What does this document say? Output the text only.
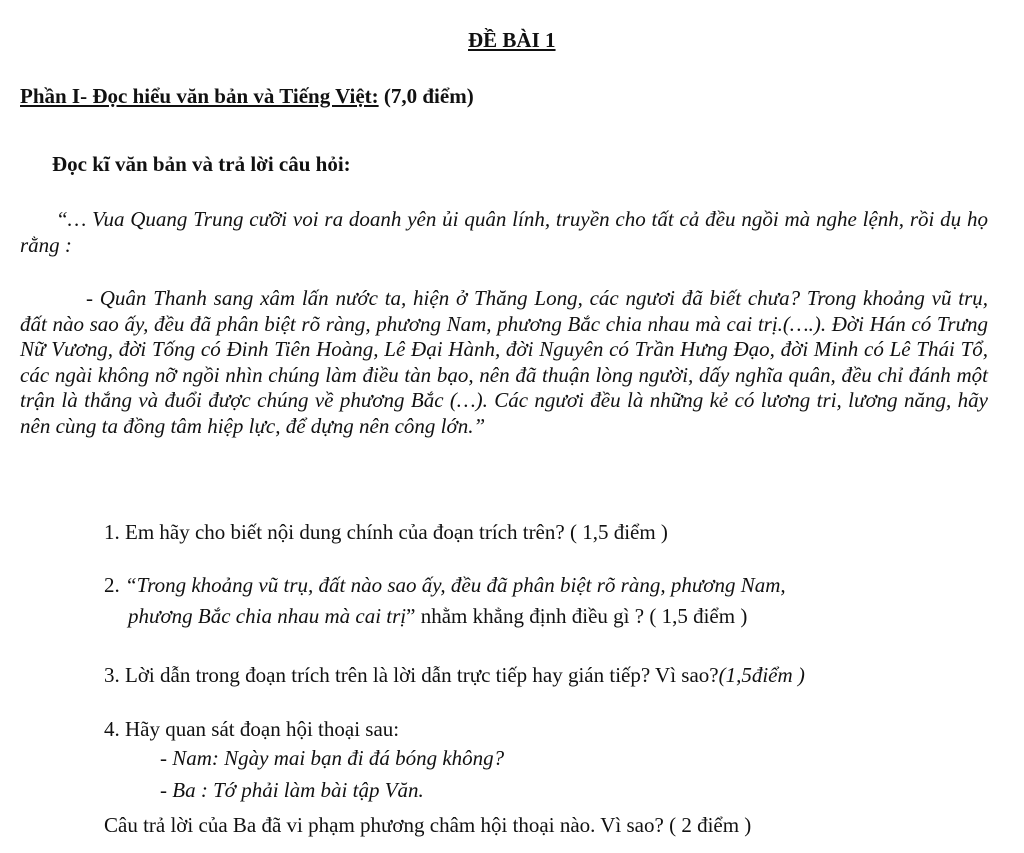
ĐỀ BÀI 1
Phần I- Đọc hiểu văn bản và Tiếng Việt: (7,0 điểm)
Đọc kĩ văn bản và trả lời câu hỏi:
“… Vua Quang Trung cưỡi voi ra doanh yên ủi quân lính, truyền cho tất cả đều ngồi mà nghe lệnh, rồi dụ họ rằng :
- Quân Thanh sang xâm lấn nước ta, hiện ở Thăng Long, các ngươi đã biết chưa? Trong khoảng vũ trụ, đất nào sao ấy, đều đã phân biệt rõ ràng, phương Nam, phương Bắc chia nhau mà cai trị.(….). Đời Hán có Trưng Nữ Vương, đời Tống có Đinh Tiên Hoàng, Lê Đại Hành, đời Nguyên có Trần Hưng Đạo, đời Minh có Lê Thái Tổ, các ngài không nỡ ngồi nhìn chúng làm điều tàn bạo, nên đã thuận lòng người, dấy nghĩa quân, đều chỉ đánh một trận là thắng và đuổi được chúng về phương Bắc (…). Các ngươi đều là những kẻ có lương tri, lương năng, hãy nên cùng ta đồng tâm hiệp lực, để dựng nên công lớn.”
1. Em hãy cho biết nội dung chính của đoạn trích trên? ( 1,5 điểm )
2. “Trong khoảng vũ trụ, đất nào sao ấy, đều đã phân biệt rõ ràng, phương Nam,
phương Bắc chia nhau mà cai trị” nhằm khẳng định điều gì ? ( 1,5 điểm )
3. Lời dẫn trong đoạn trích trên là lời dẫn trực tiếp hay gián tiếp? Vì sao?(1,5điểm )
4. Hãy quan sát đoạn hội thoại sau:
- Nam: Ngày mai bạn đi đá bóng không?
- Ba : Tớ phải làm bài tập Văn.
Câu trả lời của Ba đã vi phạm phương châm hội thoại nào. Vì sao? ( 2 điểm )
